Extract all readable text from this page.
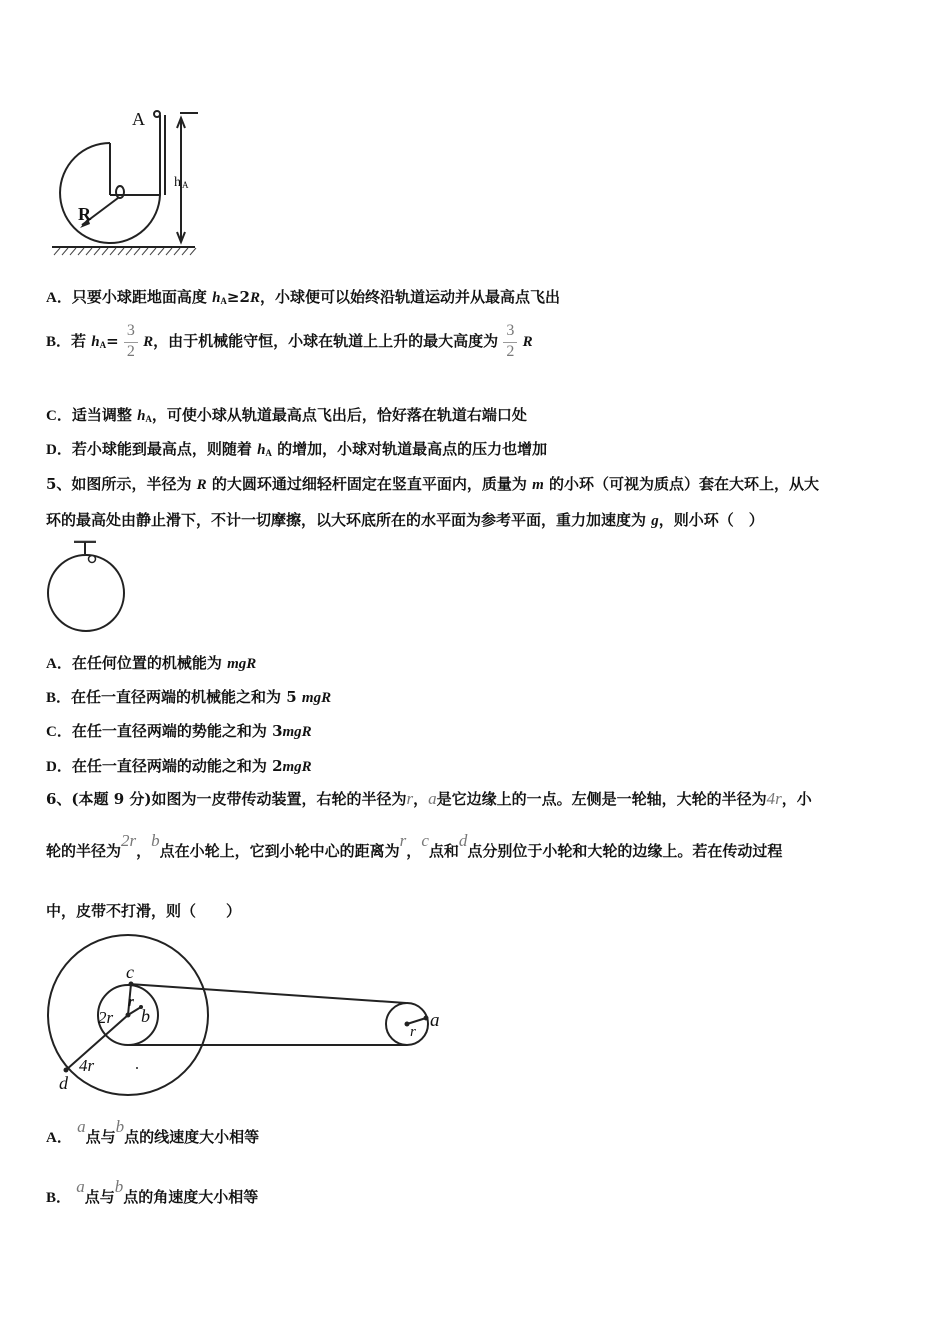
A
R
h A
A．只要小球距地面高度 $h_A\ge 2R$，小球便可以始终沿轨道运动并从最高点飞出
B．若 $h_A= \frac{3}{2}$ R，由于机械能守恒，小球在轨道上上升的最大高度为 $\frac{3}{2}$ R
C．适当调整 $h_A$，可使小球从轨道最高点飞出后，恰好落在轨道右端口处
D．若小球能到最高点，则随着 $h_A$ 的增加，小球对轨道最高点的压力也增加
5、如图所示，半径为 R 的大圆环通过细轻杆固定在竖直平面内，质量为 m 的小环（可视为质点）套在大环上，从大
环的最高处由静止滑下，不计一切摩擦，以大环底所在的水平面为参考平面，重力加速度为 g，则小环（　）
A．在任何位置的机械能为 mgR
B．在任一直径两端的机械能之和为 5 mgR
C．在任一直径两端的势能之和为 3mgR
D．在任一直径两端的动能之和为 2mgR
6、(本题 9 分)如图为一皮带传动装置，右轮的半径为r，a是它边缘上的一点。左侧是一轮轴，大轮的半径为4r，小
轮的半径为2r，b点在小轮上，它到小轮中心的距离为r，c点和d点分别位于小轮和大轮的边缘上。若在传动过程
中，皮带不打滑，则（　　）
c
r
b
2r
4r
d
a
r
A． a点与b点的线速度大小相等
B． a点与b点的角速度大小相等
